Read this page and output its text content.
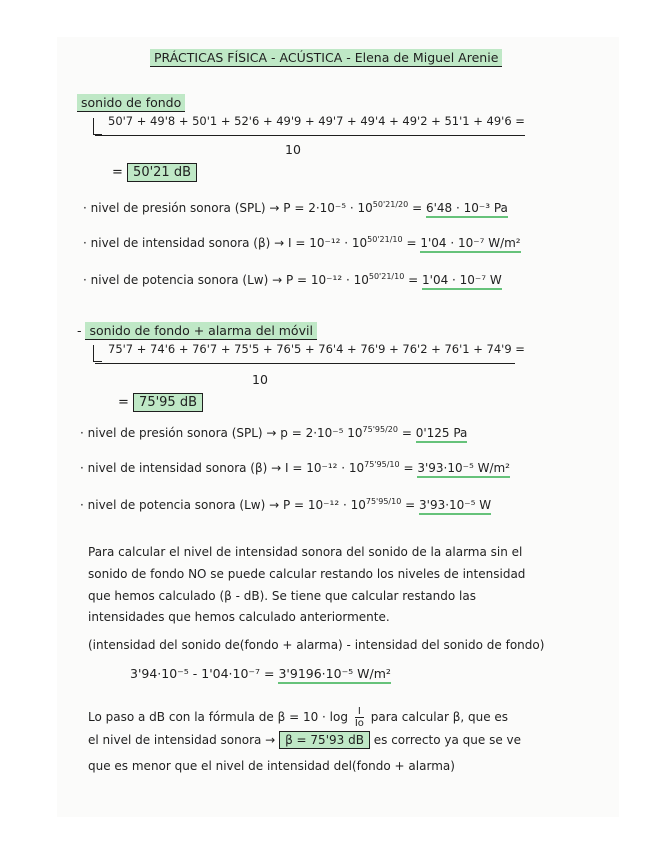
PRÁCTICAS FÍSICA - ACÚSTICA - Elena de Miguel Arenie
sonido de fondo
50'7 + 49'8 + 50'1 + 52'6 + 49'9 + 49'7 + 49'4 + 49'2 + 51'1 + 49'6 =
10
= 50'21 dB
· nivel de presión sonora $(SPL) \to P = 2\cdot 10^{-5} \cdot 10^{50'21/20} = 6'48 \cdot 10^{-3}$ Pa
· nivel de intensidad sonora $(\beta) \to I = 10^{-12} \cdot 10^{50'21/10} = 1'04 \cdot 10^{-7}$ W/m²
· nivel de potencia sonora $(Lw) \to P = 10^{-12} \cdot 10^{50'21/10} = 1'04 \cdot 10^{-7}$ W
- sonido de fondo + alarma del móvil
75'7 + 74'6 + 76'7 + 75'5 + 76'5 + 76'4 + 76'9 + 76'2 + 76'1 + 74'9 =
10
= 75'95 dB
· nivel de presión sonora (SPL) → p = 2·10⁻⁵ $10^{75'95/20} = 0'125$ Pa
· nivel de intensidad sonora $(\beta) \to I = 10^{-12} \cdot 10^{75'95/10} = 3'93\cdot 10^{-5}$ W/m²
· nivel de potencia sonora $(Lw) \to P = 10^{-12} \cdot 10^{75'95/10} = 3'93\cdot 10^{-5}$ W
Para calcular el nivel de intensidad sonora del sonido de la alarma sin el
sonido de fondo NO se puede calcular restando los niveles de intensidad
que hemos calculado (β - dB). Se tiene que calcular restando las
intensidades que hemos calculado anteriormente.
(intensidad del sonido de(fondo + alarma) - intensidad del sonido de fondo)
3'94·10⁻⁵ - 1'04·10⁻⁷ = 3'9196·10⁻⁵ W/m²
Lo paso a dB con la fórmula de $\beta = 10 \cdot \log \frac{I}{Io}$ para calcular β, que es
el nivel de intensidad sonora → β = 75'93 dB es correcto ya que se ve
que es menor que el nivel de intensidad del(fondo + alarma)
